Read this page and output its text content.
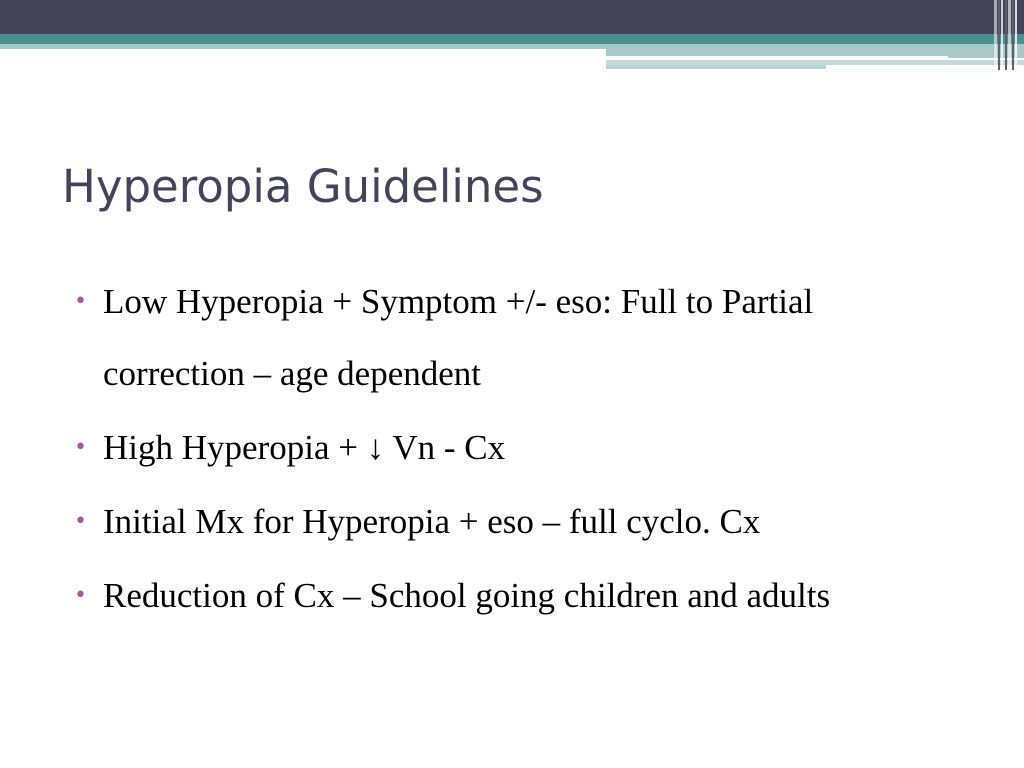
Hyperopia Guidelines
• Low Hyperopia + Symptom +/- eso: Full to Partial correction – age dependent
• High Hyperopia + ↓ Vn - Cx
• Initial Mx for Hyperopia + eso – full cyclo. Cx
• Reduction of Cx – School going children and adults
